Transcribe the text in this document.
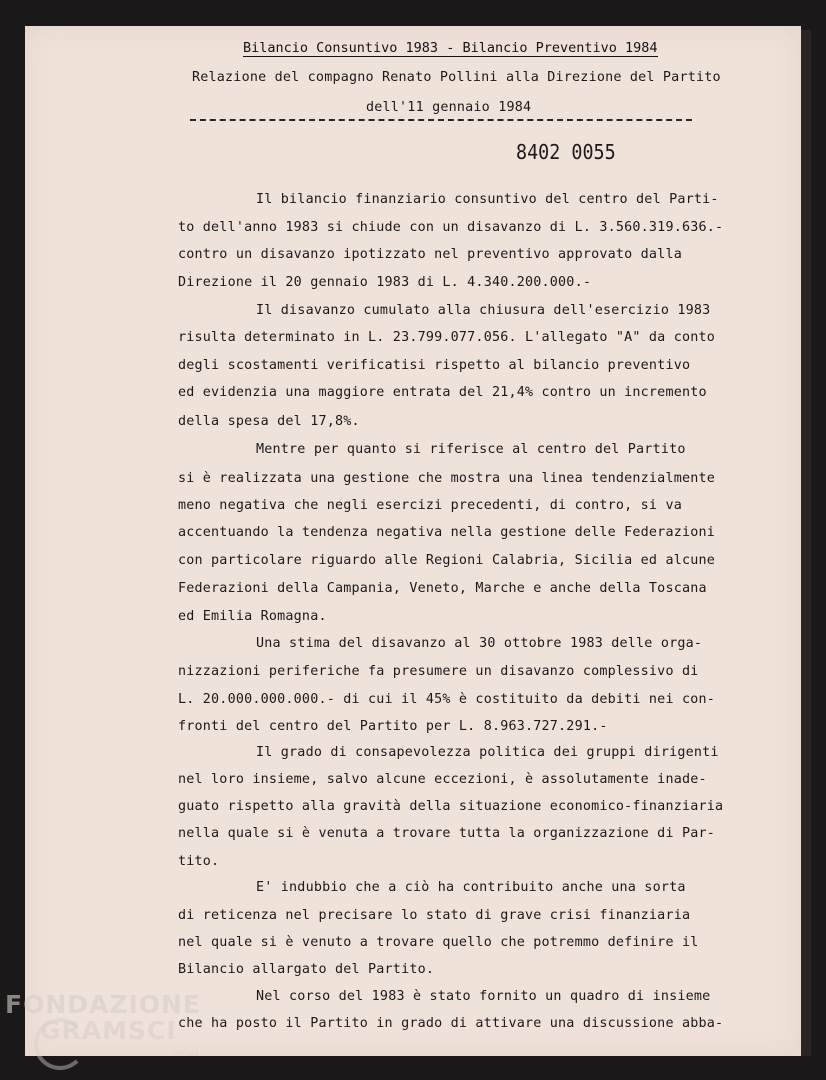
Bilancio Consuntivo 1983 - Bilancio Preventivo 1984
Relazione del compagno Renato Pollini alla Direzione del Partito
dell'11 gennaio 1984
8402 0055
Il bilancio finanziario consuntivo del centro del Parti-
to dell'anno 1983 si chiude con un disavanzo di L. 3.560.319.636.-
contro un disavanzo ipotizzato nel preventivo approvato dalla
Direzione il 20 gennaio 1983 di L. 4.340.200.000.-
Il disavanzo cumulato alla chiusura dell'esercizio 1983
risulta determinato in L. 23.799.077.056. L'allegato "A" da conto
degli scostamenti verificatisi rispetto al bilancio preventivo
ed evidenzia una maggiore entrata del 21,4% contro un incremento
della spesa del 17,8%.
Mentre per quanto si riferisce al centro del Partito
si è realizzata una gestione che mostra una linea tendenzialmente
meno negativa che negli esercizi precedenti, di contro, si va
accentuando la tendenza negativa nella gestione delle Federazioni
con particolare riguardo alle Regioni Calabria, Sicilia ed alcune
Federazioni della Campania, Veneto, Marche e anche della Toscana
ed Emilia Romagna.
Una stima del disavanzo al 30 ottobre 1983 delle orga-
nizzazioni periferiche fa presumere un disavanzo complessivo di
L. 20.000.000.000.- di cui il 45% è costituito da debiti nei con-
fronti del centro del Partito per L. 8.963.727.291.-
Il grado di consapevolezza politica dei gruppi dirigenti
nel loro insieme, salvo alcune eccezioni, è assolutamente inade-
guato rispetto alla gravità della situazione economico-finanziaria
nella quale si è venuta a trovare tutta la organizzazione di Par-
tito.
E' indubbio che a ciò ha contribuito anche una sorta
di reticenza nel precisare lo stato di grave crisi finanziaria
nel quale si è venuto a trovare quello che potremmo definire il
Bilancio allargato del Partito.
Nel corso del 1983 è stato fornito un quadro di insieme
che ha posto il Partito in grado di attivare una discussione abba-
FONDAZIONE
GRAMSCI
onlus
